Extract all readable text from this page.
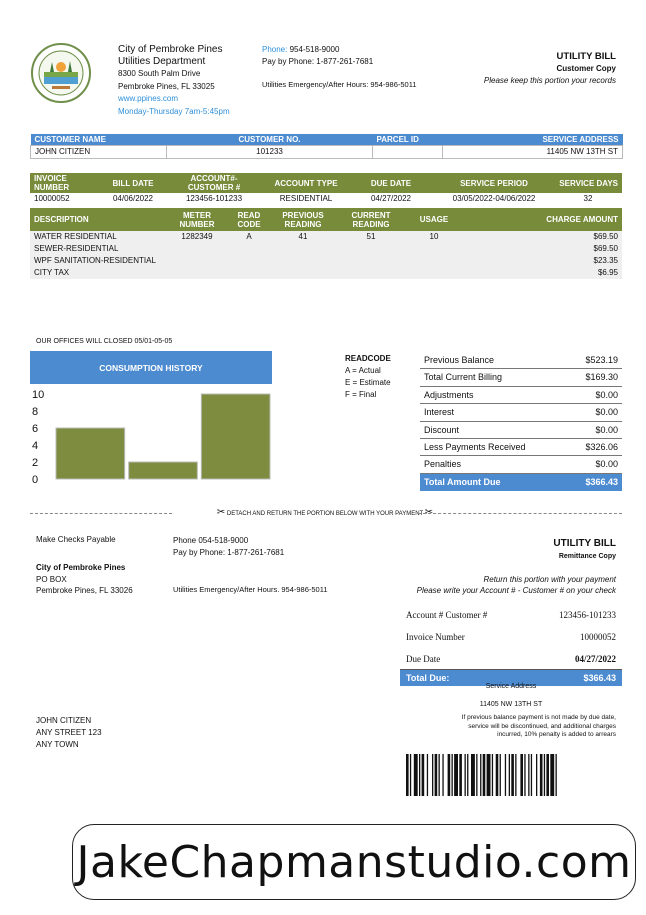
City of Pembroke Pines
Utilities Department
8300 South Palm Drive
Pembroke Pines, FL 33025
www.ppines.com
Monday-Thursday 7am-5:45pm
Phone: 954-518-9000
Pay by Phone: 1-877-261-7681
Utilities Emergency/After Hours: 954-986-5011
UTILITY BILL
Customer Copy
Please keep this portion your records
CUSTOMER NAME	CUSTOMER NO.	PARCEL ID	SERVICE ADDRESS
JOHN CITIZEN	101233		11405 NW 13TH ST
INVOICE NUMBER	BILL DATE	ACCOUNT#- CUSTOMER #	ACCOUNT TYPE	DUE DATE	SERVICE PERIOD	SERVICE DAYS
10000052	04/06/2022	123456-101233	RESIDENTIAL	04/27/2022	03/05/2022-04/06/2022	32
DESCRIPTION	METER NUMBER	READ CODE	PREVIOUS READING	CURRENT READING	USAGE	CHARGE AMOUNT
WATER RESIDENTIAL	1282349	A	41	51	10	$69.50
SEWER-RESIDENTIAL						$69.50
WPF SANITATION-RESIDENTIAL						$23.35
CITY TAX						$6.95
OUR OFFICES WILL CLOSED 05/01-05-05
CONSUMPTION HISTORY
0
2
4
6
8
10
READCODE
A = Actual
E = Estimate
F = Final
Previous Balance	$523.19
Total Current Billing	$169.30
Adjustments	$0.00
Interest	$0.00
Discount	$0.00
Less Payments Received	$326.06
Penalties	$0.00
Total Amount Due	$366.43
✂ DETACH AND RETURN THE PORTION BELOW WITH YOUR PAYMENT ✂
Make Checks Payable
City of Pembroke Pines
PO BOX
Pembroke Pines, FL 33026
Phone 054-518-9000
Pay by Phone: 1-877-261-7681
Utilities Emergency/After Hours. 954-986-5011
UTILITY BILL
Remittance Copy
Return this portion with your payment
Please write your Account # - Customer # on your check
Account # Customer #	123456-101233
Invoice Number	10000052
Due Date	04/27/2022
Total Due:	$366.43
Service Address
11405 NW 13TH ST
If previous balance payment is not made by due date,
service will be discontinued, and additional charges
incurred, 10% penalty is added to arrears
JOHN CITIZEN
ANY STREET 123
ANY TOWN
JakeChapmanstudio.com
